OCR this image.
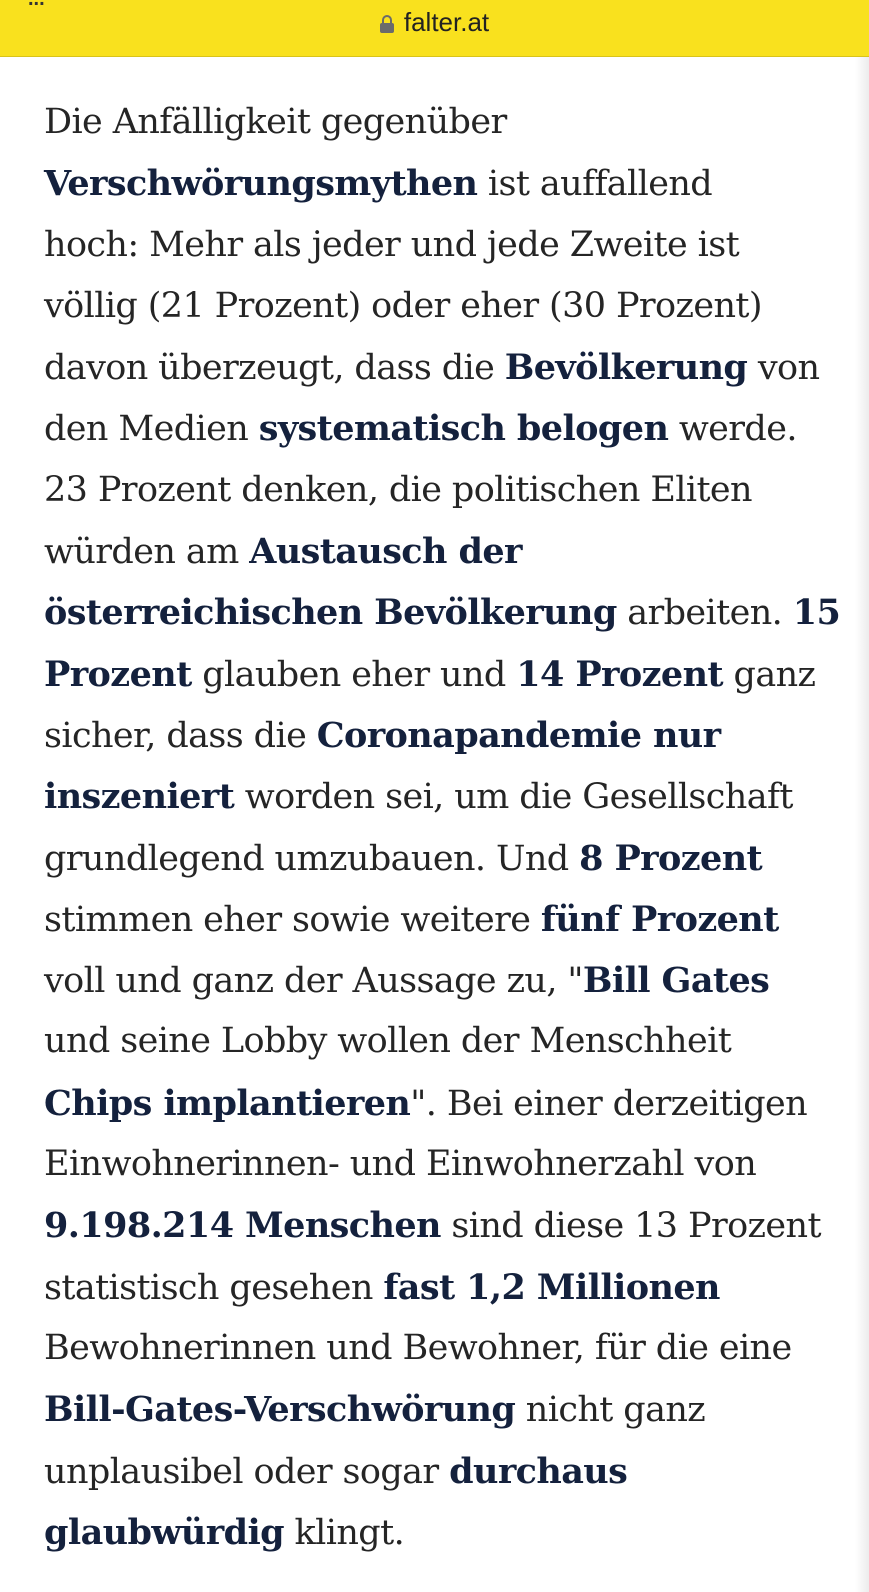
falter.at
Die Anfälligkeit gegenüber
Verschwörungsmythen ist auffallend
hoch: Mehr als jeder und jede Zweite ist
völlig (21 Prozent) oder eher (30 Prozent)
davon überzeugt, dass die Bevölkerung von
den Medien systematisch belogen werde.
23 Prozent denken, die politischen Eliten
würden am Austausch der
österreichischen Bevölkerung arbeiten. 15
Prozent glauben eher und 14 Prozent ganz
sicher, dass die Coronapandemie nur
inszeniert worden sei, um die Gesellschaft
grundlegend umzubauen. Und 8 Prozent
stimmen eher sowie weitere fünf Prozent
voll und ganz der Aussage zu, "Bill Gates
und seine Lobby wollen der Menschheit
Chips implantieren". Bei einer derzeitigen
Einwohnerinnen- und Einwohnerzahl von
9.198.214 Menschen sind diese 13 Prozent
statistisch gesehen fast 1,2 Millionen
Bewohnerinnen und Bewohner, für die eine
Bill-Gates-Verschwörung nicht ganz
unplausibel oder sogar durchaus
glaubwürdig klingt.
